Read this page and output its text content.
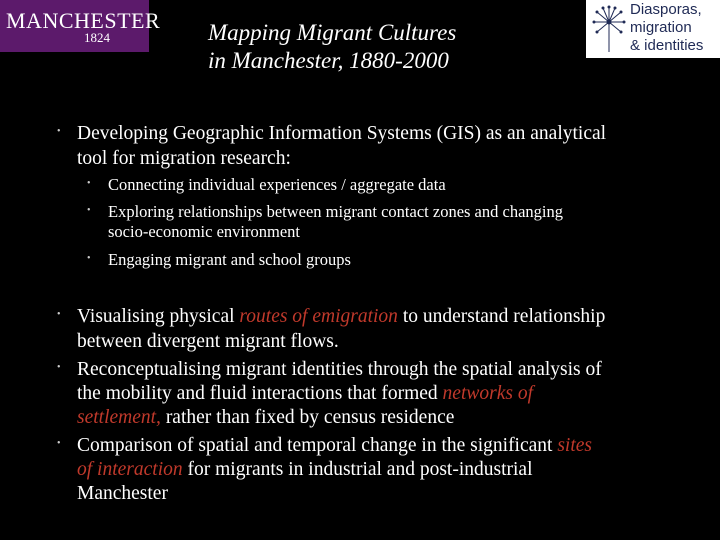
MANCHESTER
1824	Mapping Migrant Cultures
in Manchester, 1880-2000
Diasporas,
migration
& identities
• Developing Geographic Information Systems (GIS) as an analytical
tool for migration research:
• Connecting individual experiences / aggregate data
• Exploring relationships between migrant contact zones and changing
socio-economic environment
• Engaging migrant and school groups
• Visualising physical routes of emigration to understand relationship
between divergent migrant flows.
• Reconceptualising migrant identities through the spatial analysis of
the mobility and fluid interactions that formed networks of
settlement, rather than fixed by census residence
• Comparison of spatial and temporal change in the significant sites
of interaction for migrants in industrial and post-industrial
Manchester
